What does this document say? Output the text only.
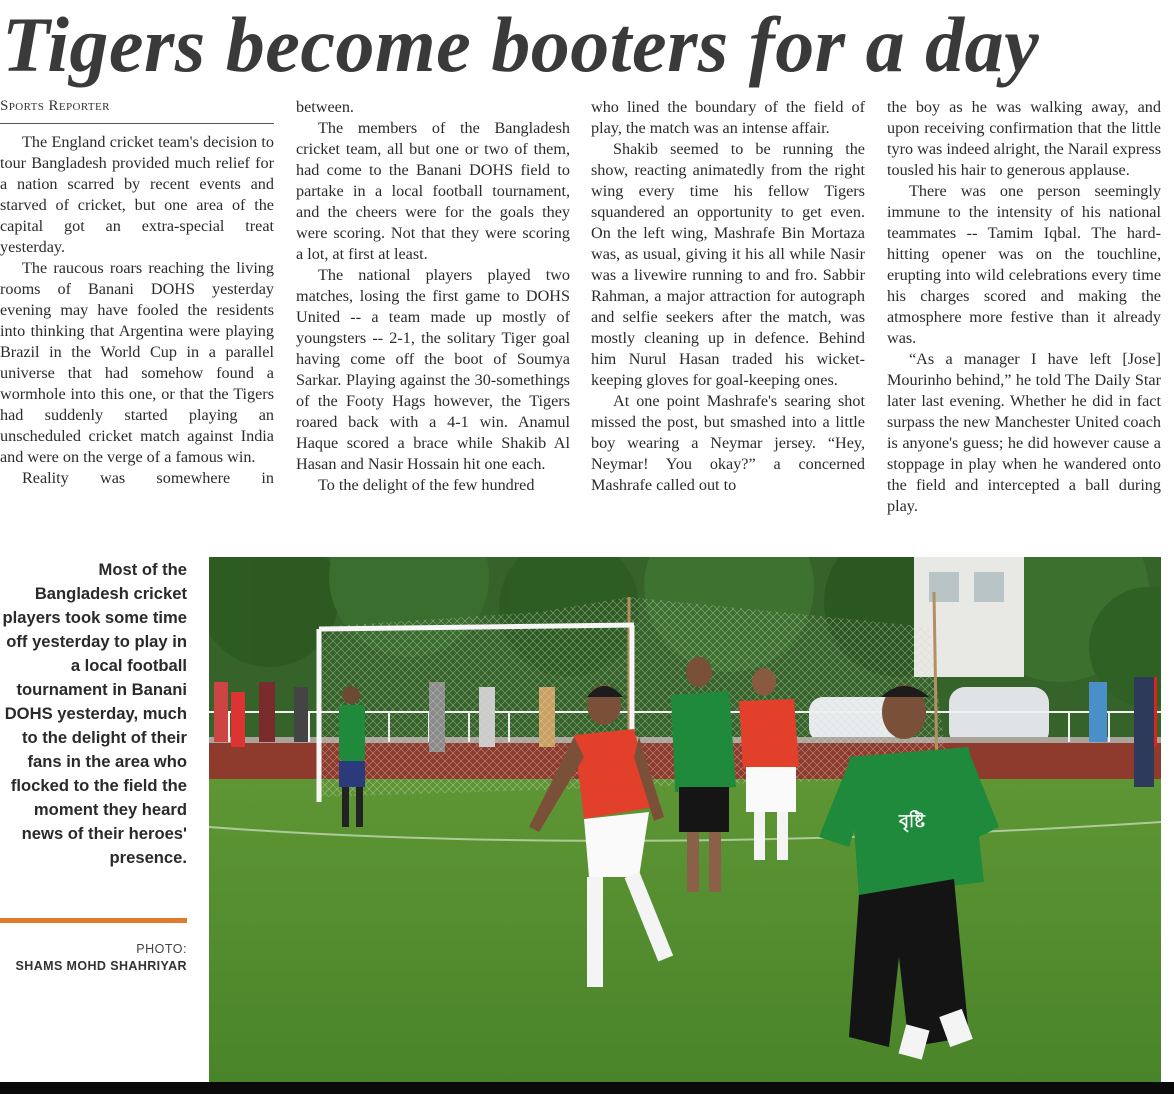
Tigers become booters for a day
Sports Reporter

The England cricket team's decision to tour Bangladesh provided much relief for a nation scarred by recent events and starved of cricket, but one area of the capital got an extra-special treat yesterday.

The raucous roars reaching the living rooms of Banani DOHS yesterday evening may have fooled the residents into thinking that Argentina were playing Brazil in the World Cup in a parallel universe that had somehow found a wormhole into this one, or that the Tigers had suddenly started playing an unscheduled cricket match against India and were on the verge of a famous win.

Reality was somewhere in

between.

The members of the Bangladesh cricket team, all but one or two of them, had come to the Banani DOHS field to partake in a local football tournament, and the cheers were for the goals they were scoring. Not that they were scoring a lot, at first at least.

The national players played two matches, losing the first game to DOHS United -- a team made up mostly of youngsters -- 2-1, the solitary Tiger goal having come off the boot of Soumya Sarkar. Playing against the 30-somethings of the Footy Hags however, the Tigers roared back with a 4-1 win. Anamul Haque scored a brace while Shakib Al Hasan and Nasir Hossain hit one each.

To the delight of the few hundred

who lined the boundary of the field of play, the match was an intense affair.

Shakib seemed to be running the show, reacting animatedly from the right wing every time his fellow Tigers squandered an opportunity to get even. On the left wing, Mashrafe Bin Mortaza was, as usual, giving it his all while Nasir was a livewire running to and fro. Sabbir Rahman, a major attraction for autograph and selfie seekers after the match, was mostly cleaning up in defence. Behind him Nurul Hasan traded his wicket-keeping gloves for goal-keeping ones.

At one point Mashrafe's searing shot missed the post, but smashed into a little boy wearing a Neymar jersey. “Hey, Neymar! You okay?” a concerned Mashrafe called out to

the boy as he was walking away, and upon receiving confirmation that the little tyro was indeed alright, the Narail express tousled his hair to generous applause.

There was one person seemingly immune to the intensity of his national teammates -- Tamim Iqbal. The hard-hitting opener was on the touchline, erupting into wild celebrations every time his charges scored and making the atmosphere more festive than it already was.

“As a manager I have left [Jose] Mourinho behind,” he told The Daily Star later last evening. Whether he did in fact surpass the new Manchester United coach is anyone's guess; he did however cause a stoppage in play when he wandered onto the field and intercepted a ball during play.

Most of the Bangladesh cricket players took some time off yesterday to play in a local football tournament in Banani DOHS yesterday, much to the delight of their fans in the area who flocked to the field the moment they heard news of their heroes' presence.

PHOTO:
SHAMS MOHD SHAHRIYAR
বৃষ্টি
